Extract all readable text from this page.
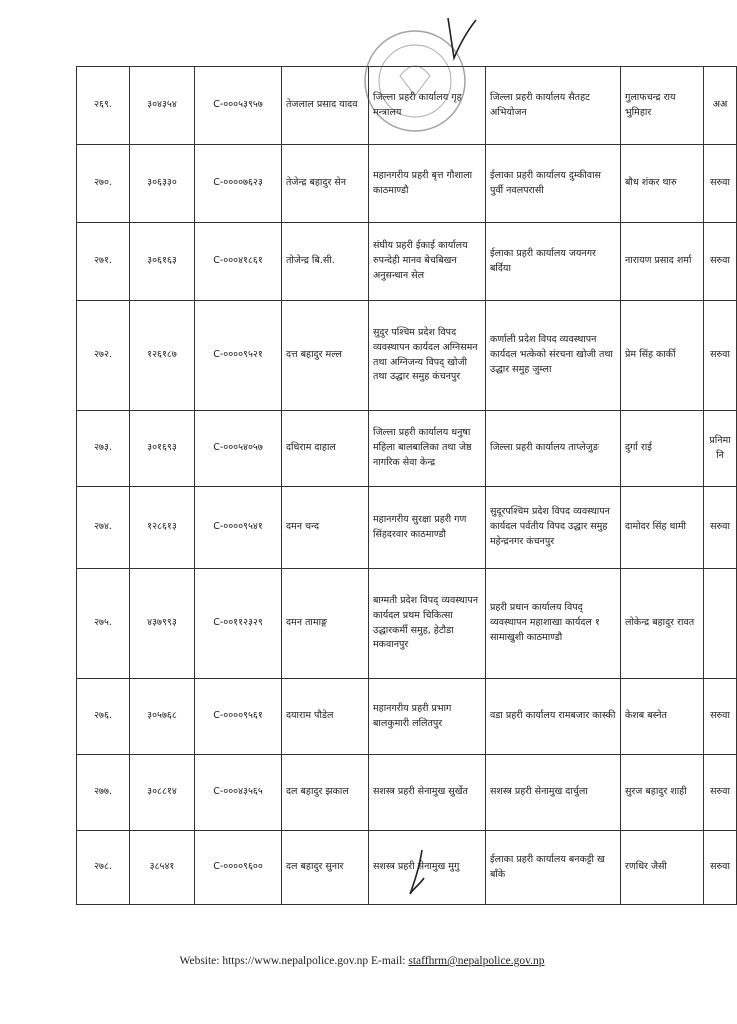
२६९.	३०४३५४	C-०००५३९५७	तेजलाल प्रसाद यादव	जिल्ला प्रहरी कार्यालय गृह मन्त्रालय	जिल्ला प्रहरी कार्यालय सैतहट अभियोजन	गुलाफचन्द्र राय भुमिहार	अअ
२७०.	३०६३३०	C-००००७६२३	तेजेन्द्र बहादुर सेन	महानगरीय प्रहरी बृत्त गौशाला काठमाण्डौ	ईलाका प्रहरी कार्यालय दुम्कीवास पुर्वी नवलपरासी	बौध शंकर थारु	सरुवा
२७१.	३०६१६३	C-०००४१८६१	तोजेन्द्र बि.सी.	संघीय प्रहरी ईकाई कार्यालय रुपन्देही मानव बेचबिखन अनुसन्धान सेल	ईलाका प्रहरी कार्यालय जयनगर बर्दिया	नारायण प्रसाद शर्मा	सरुवा
२७२.	१२६१८७	C-००००९५२१	दत्त बहादुर मल्ल	सुदुर पश्चिम प्रदेश विपद व्यवस्थापन कार्यदल अग्निसमन तथा अग्निजन्य विपद् खोजी तथा उद्धार समुह कंचनपुर	कर्णाली प्रदेश विपद व्यवस्थापन कार्यदल भत्केको संरचना खोजी तथा उद्धार समुह जुम्ला	प्रेम सिंह कार्की	सरुवा
२७३.	३०१६९३	C-०००५४०५७	दधिराम दाहाल	जिल्ला प्रहरी कार्यालय धनुषा महिला बालबालिका तथा जेष्ठ नागरिक सेवा केन्द्र	जिल्ला प्रहरी कार्यालय ताप्लेजुङ	दुर्गा राई	प्रनिमानि
२७४.	१२८६१३	C-००००९५४१	दमन चन्द	महानगरीय सुरक्षा प्रहरी गण सिंहदरवार काठमाण्डौ	सुदूरपश्चिम प्रदेश विपद व्यवस्थापन कार्यदल पर्वतीय विपद उद्धार समुह महेन्द्रनगर कंचनपुर	दामोदर सिंह धामी	सरुवा
२७५.	४३७९९३	C-००११२३२९	दमन तामाङ्ग	बाग्मती प्रदेश विपद् व्यवस्थापन कार्यदल प्रथम चिकित्सा उद्धारकर्मी समुह, हेटौडा मकवानपुर	प्रहरी प्रधान कार्यालय विपद् व्यवस्थापन महाशाखा कार्यदल १ सामाखुशी काठमाण्डौ	लोकेन्द्र बहादुर रावत	
२७६.	३०५७६८	C-००००९५६१	दयाराम पौडेल	महानगरीय प्रहरी प्रभाग बालकुमारी ललितपुर	वडा प्रहरी कार्यालय रामबजार कास्की	केशब बस्नेत	सरुवा
२७७.	३०८८१४	C-०००४३५६५	दल बहादुर झकाल	सशस्त्र प्रहरी सेनामुख सुर्खेत	सशस्त्र प्रहरी सेनामुख दार्चुला	सुरज बहादुर शाही	सरुवा
२७८.	३८५४१	C-००००९६००	दल बहादुर सुनार	सशस्त्र प्रहरी सेनामुख मुगु	ईलाका प्रहरी कार्यालय बनकट्टी ख बाँके	रणधिर जैसी	सरुवा
Website: https://www.nepalpolice.gov.np E-mail: staffhrm@nepalpolice.gov.np
